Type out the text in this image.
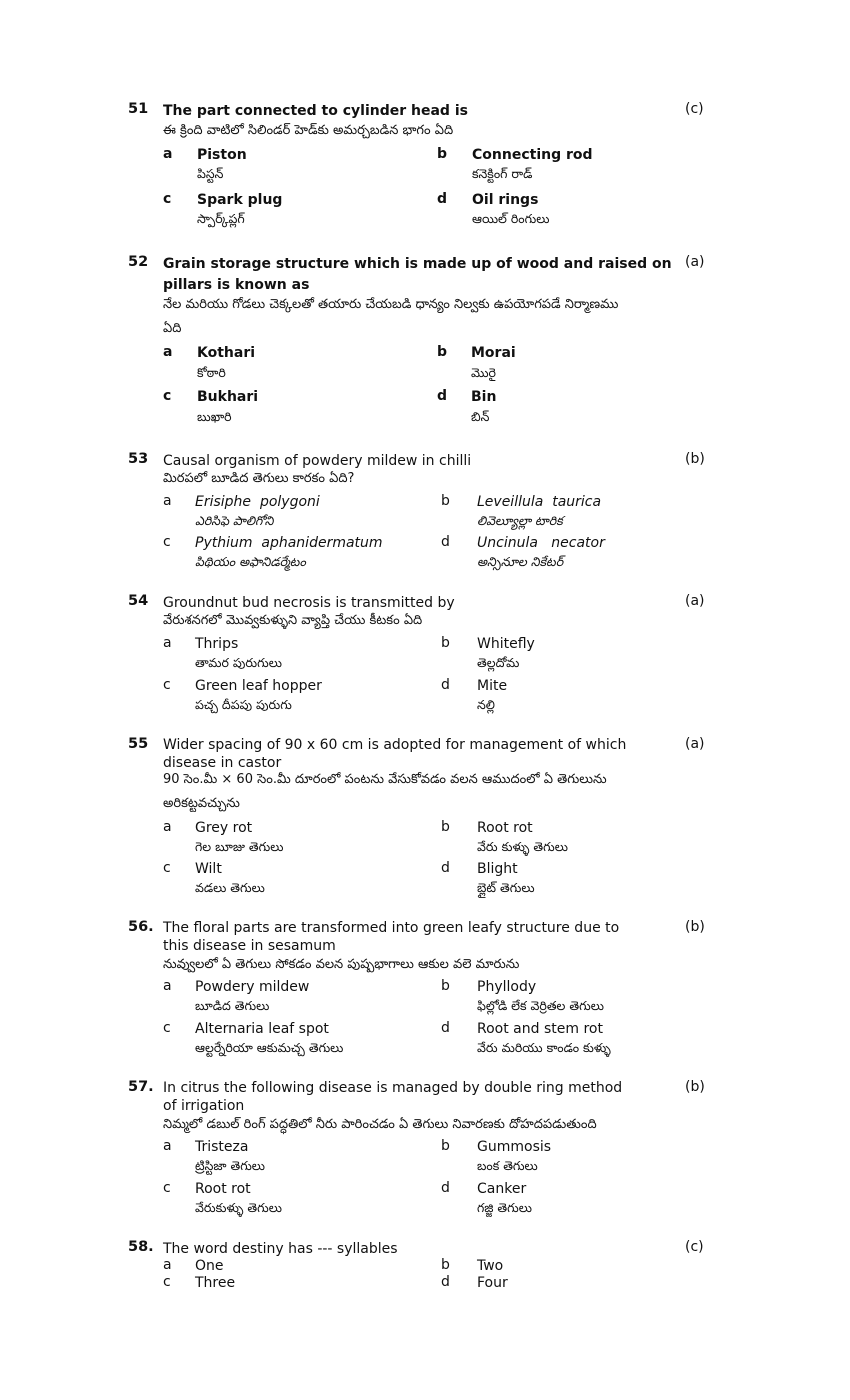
51	(c)
The part connected to cylinder head is
ఈ క్రింది వాటిలో సిలిండర్ హెడ్‌కు అమర్చబడిన భాగం ఏది
a Piston
పిస్టన్
b Connecting rod
కనెక్టింగ్ రాడ్
c Spark plug
స్పార్క్‌ప్లగ్
d Oil rings
ఆయిల్ రింగులు
52	(a)
Grain storage structure which is made up of wood and raised on pillars is known as
నేల మరియు గోడలు చెక్కలతో తయారు చేయబడి ధాన్యం నిల్వకు ఉపయోగపడే నిర్మాణము ఏది
a Kothari
కోఠారి
b Morai
మొరై
c Bukhari
బుఖారి
d Bin
బిన్
53	(b)
Causal organism of powdery mildew in chilli
మిరపలో బూడిద తెగులు కారకం ఏది?
a Erisiphe  polygoni
ఎరిసిఫె పాలిగోని
b Leveillula  taurica
లివెల్యూల్లా టారిక
c Pythium  aphanidermatum
పిథియం అఫానిడర్మేటం
d Uncinula   necator
అన్సినూల నికేటర్
54	(a)
Groundnut bud necrosis is transmitted by
వేరుశనగలో మొవ్వకుళ్ళుని వ్యాప్తి చేయు కీటకం ఏది
a Thrips
తామర పురుగులు
b Whitefly
తెల్లదోమ
c Green leaf hopper
పచ్చ దీపపు పురుగు
d Mite
నల్లి
55	(a)
Wider spacing of 90 x 60 cm is adopted for management of which disease in castor
90 సెం.మీ × 60 సెం.మీ దూరంలో పంటను వేసుకోవడం వలన ఆముదంలో ఏ తెగులును అరికట్టవచ్చును
a Grey rot
గెల బూజు తెగులు
b Root rot
వేరు కుళ్ళు తెగులు
c Wilt
వడలు తెగులు
d Blight
బ్లైట్ తెగులు
56.	(b)
The floral parts are transformed into green leafy structure due to this disease in sesamum
నువ్వులలో ఏ తెగులు సోకడం వలన పుష్పభాగాలు ఆకుల వలె మారును
a Powdery mildew
బూడిద తెగులు
b Phyllody
ఫిల్లోడి లేక వెర్రితల తెగులు
c Alternaria leaf spot
ఆల్టర్నేరియా ఆకుమచ్చ తెగులు
d Root and stem rot
వేరు మరియు కాండం కుళ్ళు
57.	(b)
In citrus the following disease is managed by double ring method of irrigation
నిమ్మలో డబుల్ రింగ్ పద్ధతిలో నీరు పారించడం ఏ తెగులు నివారణకు దోహదపడుతుంది
a Tristeza
ట్రిస్టిజా తెగులు
b Gummosis
బంక తెగులు
c Root rot
వేరుకుళ్ళు తెగులు
d Canker
గజ్జి తెగులు
58.	(c)
The word destiny has --- syllables
a One	b Two
c Three	d Four
